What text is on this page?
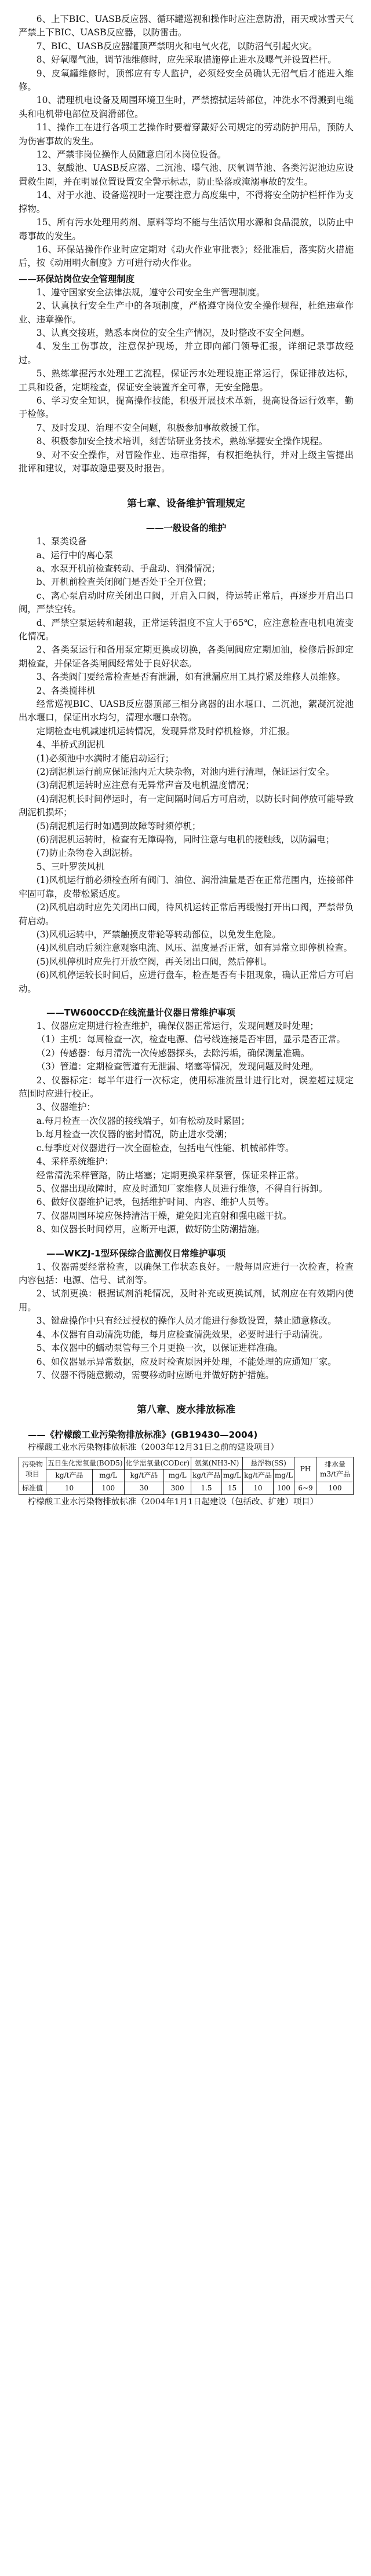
6、上下BIC、UASB反应器、循环罐巡视和操作时应注意防滑，雨天或冰雪天气严禁上下BIC、UASB反应器，以防雷击。

7、BIC、UASB反应器罐顶严禁明火和电气火花，以防沼气引起火灾。

8、好氧曝气池，调节池维修时，应先采取措施停止进水及曝气并设置栏杆。

9、皮氧罐维修时，顶部应有专人监护，必须经安全员确认无沼气后才能进入维修。

10、清理机电设备及周围环境卫生时，严禁擦拭运转部位，冲洗水不得溅到电缆头和电机带电部位及润滑部位。

11、操作工在进行各项工艺操作时要着穿戴好公司规定的劳动防护用品，预防人为伤害事故的发生。

12、严禁非岗位操作人员随意启闭本岗位设备。

13、氨酸池、UASB反应器、二沉池、曝气池、厌氧调节池、各类污泥池边应设置救生圈，并在明显位置设置安全警示标志，防止坠落或淹溺事故的发生。

14、对于水池、设备巡视时一定要注意力高度集中，不得将安全防护栏杆作为支撑物。

15、所有污水处理用药剂、原料等均不能与生活饮用水源和食品混放，以防止中毒事故的发生。

16、环保站操作作业时应定期对《动火作业审批表》；经批准后，落实防火措施后，按《动用明火制度》方可进行动火作业。

——环保站岗位安全管理制度

1、遵守国家安全法律法规，遵守公司安全生产管理制度。

2、认真执行安全生产中的各项制度，严格遵守岗位安全操作规程，杜绝违章作业、违章操作。

3、认真交接班，熟悉本岗位的安全生产情况，及时整改不安全问题。

4、发生工伤事故，注意保护现场，并立即向部门领导汇报，详细记录事故经过。

5、熟练掌握污水处理工艺流程，保证污水处理设施正常运行，保证排放达标，工具和设备，定期检查，保证安全装置齐全可靠，无安全隐患。

6、学习安全知识，提高操作技能，积极开展技术革新，提高设备运行效率，勤于检修。

7、及时发现、治理不安全问题，积极参加事故救援工作。

8、积极参加安全技术培训，刻苦钻研业务技术，熟练掌握安全操作规程。

9、对不安全操作，对冒险作业、违章指挥，有权拒绝执行，并对上级主管提出批评和建议，对事故隐患要及时报告。

第七章、设备维护管理规定
——一般设备的维护

1、泵类设备

a、运行中的离心泵

a、水泵开机前检查转动、手盘动、润滑情况；

b、开机前检查关闭阀门是否处于全开位置；

c、离心泵启动时应关闭出口阀，开启入口阀，待运转正常后，再逐步开启出口阀，严禁空转。

d、严禁空泵运转和超载，正常运转温度不宜大于65℃，应注意检查电机电流变化情况。

2、各类泵运行和备用泵定期更换或切换，各类闸阀应定期加油，检修后拆卸定期检查，并保证各类闸阀经常处于良好状态。

3、各类阀门要经常检查是否有泄漏，如有泄漏应用工具拧紧及维修人员维修。

2、各类搅拌机

经常巡视BIC、UASB反应器顶部三相分离器的出水堰口、二沉池，絮凝沉淀池出水堰口，保证出水均匀，清理水堰口杂物。

定期检查电机减速机运转情况，发现异常及时停机检修，并汇报。

4、半桥式刮泥机

(1)必须池中水满时才能启动运行；

(2)刮泥机运行前应保证池内无大块杂物，对池内进行清理，保证运行安全。

(3)刮泥机运转时应注意有无异常声音及电机温度情况；

(4)刮泥机长时间停运时，有一定间隔时间后方可启动，以防长时间停放可能导致刮泥机损坏；

(5)刮泥机运行时如遇到故障等时须停机；

(6)刮泥机运转时，检查有无障碍物，同时注意与电机的接触线，以防漏电；

(7)防止杂物卷入刮泥桥。

5、三叶罗茨风机

(1)风机运行前必须检查所有阀门、油位、润滑油量是否在正常范围内，连接部件牢固可靠，皮带松紧适度。

(2)风机启动时应先关闭出口阀，待风机运转正常后再缓慢打开出口阀，严禁带负荷启动。

(3)风机运转中，严禁触摸皮带轮等转动部位，以免发生危险。

(4)风机启动后须注意观察电流、风压、温度是否正常，如有异常立即停机检查。

(5)风机停机时应先打开放空阀，再关闭出口阀，然后停机。

(6)风机停运较长时间后，应进行盘车，检查是否有卡阻现象，确认正常后方可启动。

——TW600CCD在线流量计仪器日常维护事项

1、仪器应定期进行检查维护，确保仪器正常运行，发现问题及时处理；

（1）主机：每周检查一次，检查电源、信号线连接是否牢固，显示是否正常。

（2）传感器：每月清洗一次传感器探头，去除污垢，确保测量准确。

（3）管道：定期检查管道有无泄漏、堵塞等情况，发现问题及时处理。

2、仪器标定：每半年进行一次标定，使用标准流量计进行比对，误差超过规定范围时应进行校正。

3、仪器维护：

a.每月检查一次仪器的接线端子，如有松动及时紧固；

b.每月检查一次仪器的密封情况，防止进水受潮；

c.每季度对仪器进行一次全面检查，包括电气性能、机械部件等。

4、采样系统维护：

经常清洗采样管路，防止堵塞；定期更换采样泵管，保证采样正常。

5、仪器出现故障时，应及时通知厂家维修人员进行维修，不得自行拆卸。

6、做好仪器维护记录，包括维护时间、内容、维护人员等。

7、仪器周围环境应保持清洁干燥，避免阳光直射和强电磁干扰。

8、如仪器长时间停用，应断开电源，做好防尘防潮措施。

——WKZJ-1型环保综合监测仪日常维护事项

1、仪器需要经常检查，以确保工作状态良好。一般每周应进行一次检查，检查内容包括：电源、信号、试剂等。

2、试剂更换：根据试剂消耗情况，及时补充或更换试剂，试剂应在有效期内使用。

3、键盘操作中只有经过授权的操作人员才能进行参数设置，禁止随意修改。

4、本仪器有自动清洗功能，每月应检查清洗效果，必要时进行手动清洗。

5、本仪器中的蠕动泵管每三个月更换一次，以保证进样准确。

6、如仪器显示异常数据，应及时检查原因并处理，不能处理的应通知厂家。

7、仪器不得随意搬动，需要移动时应断电并做好防护措施。

第八章、废水排放标准
——《柠檬酸工业污染物排放标准》(GB19430—2004)

柠檬酸工业水污染物排放标准（2003年12月31日之前的建设项目）

污染物项目	五日生化需氧量(BOD5)		化学需氧量(CODcr)		氨氮(NH3-N)		悬浮物(SS)		PH	排水量m3/t产品
	kg/t产品	mg/L	kg/t产品	mg/L	kg/t产品	mg/L	kg/t产品	mg/L		
标准值	10	100	30	300	1.5	15	10	100	6~9	100

柠檬酸工业水污染物排放标准（2004年1月1日起建设（包括改、扩建）项目）
